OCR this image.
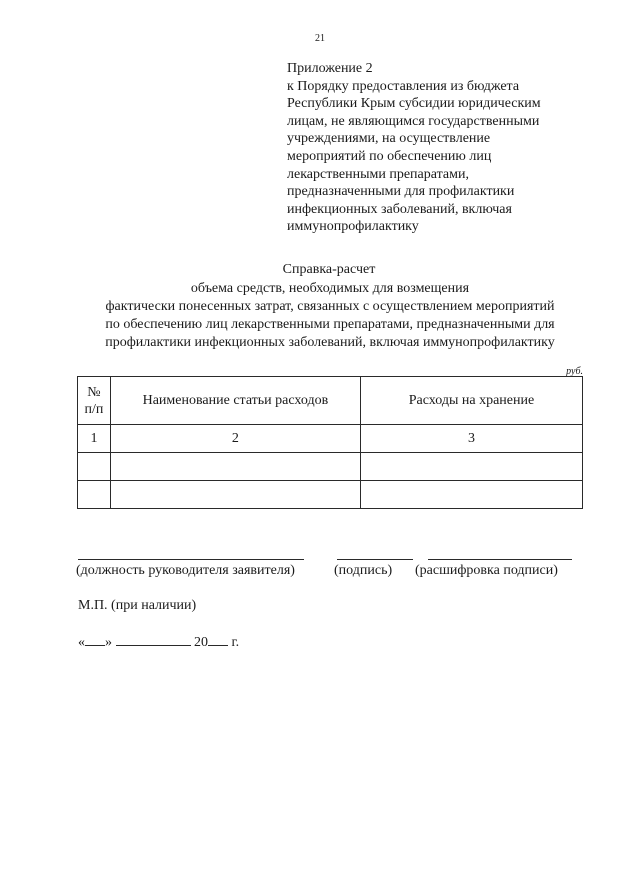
21

Приложение 2

к Порядку предоставления из бюджета
Республики Крым субсидии юридическим
лицам, не являющимся государственными
учреждениями, на осуществление
мероприятий по обеспечению лиц
лекарственными препаратами,
предназначенными для профилактики
инфекционных заболеваний, включая
иммунопрофилактику

Справка-расчет
объема средств, необходимых для возмещения
фактически понесенных затрат, связанных с осуществлением мероприятий
по обеспечению лиц лекарственными препаратами, предназначенными для
профилактики инфекционных заболеваний, включая иммунопрофилактику
руб.
№
п/п	Наименование статьи расходов	Расходы на хранение
1	2	3

(должность руководителя заявителя)	(подпись) (расшифровка подписи)
М.П. (при наличии)
« »	20 г.
